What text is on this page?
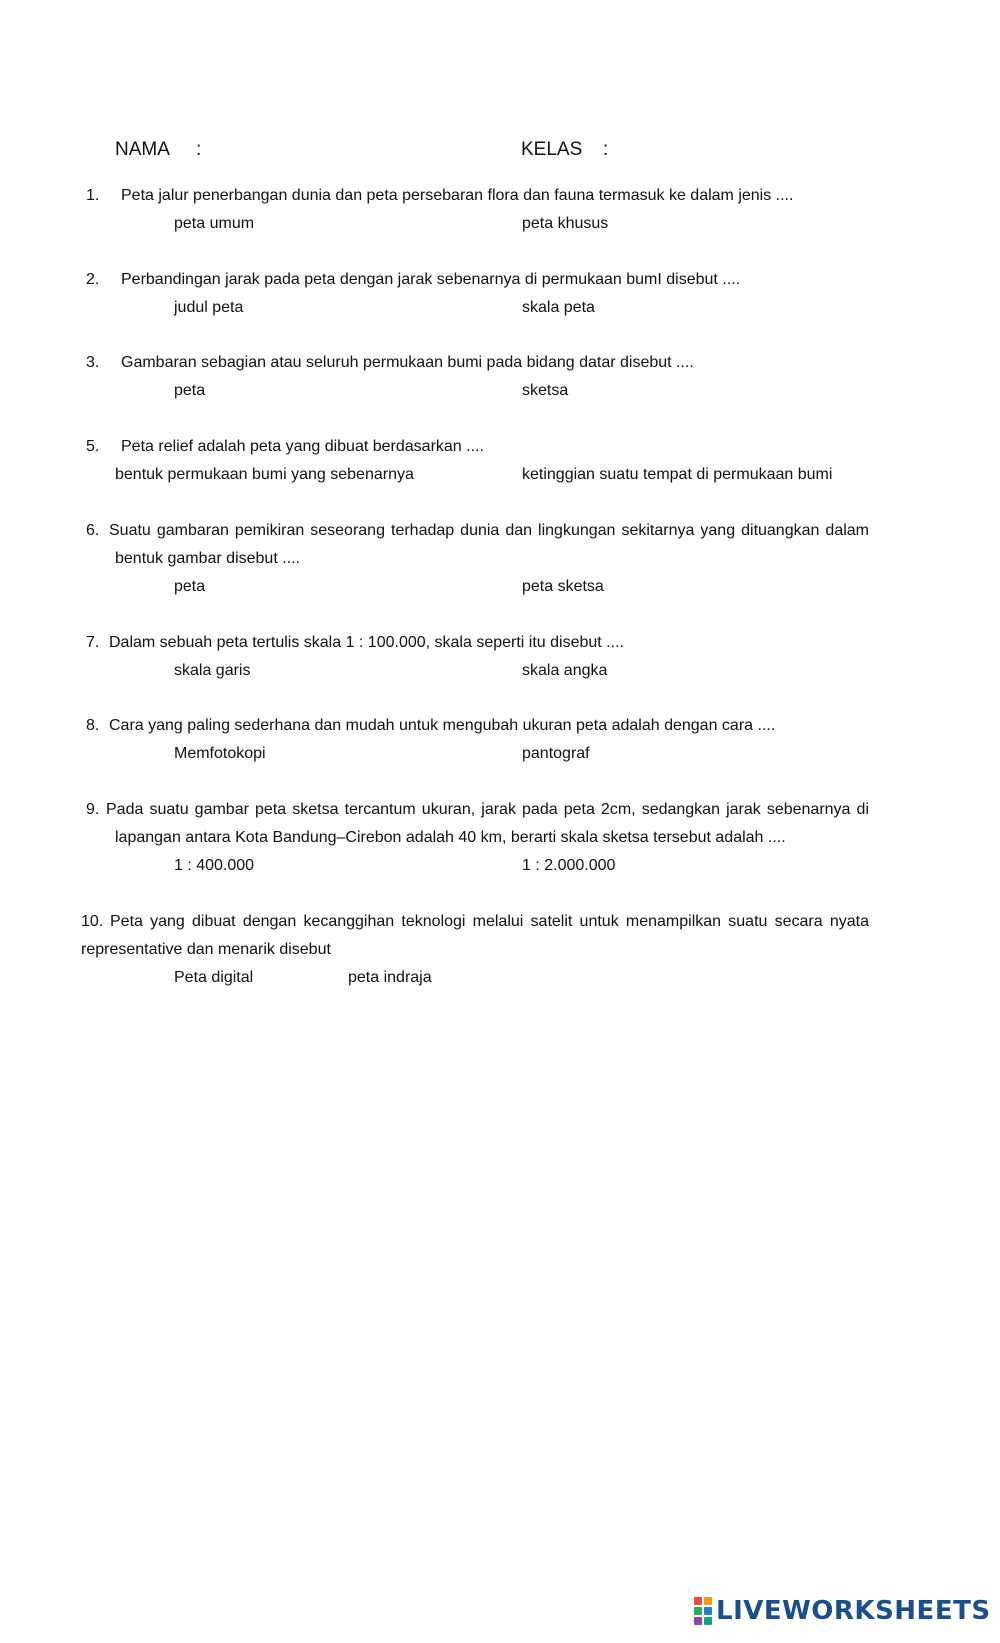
NAMA :	KELAS :
1. Peta jalur penerbangan dunia dan peta persebaran flora dan fauna termasuk ke dalam jenis ....
peta umum	peta khusus
2. Perbandingan jarak pada peta dengan jarak sebenarnya di permukaan bumI disebut ....
judul peta	skala peta
3. Gambaran sebagian atau seluruh permukaan bumi pada bidang datar disebut ....
peta	sketsa
5. Peta relief adalah peta yang dibuat berdasarkan ....
bentuk permukaan bumi yang sebenarnya	ketinggian suatu tempat di permukaan bumi
6. Suatu gambaran pemikiran seseorang terhadap dunia dan lingkungan sekitarnya yang dituangkan dalam
bentuk gambar disebut ....
peta	peta sketsa
7. Dalam sebuah peta tertulis skala 1 : 100.000, skala seperti itu disebut ....
skala garis	skala angka
8. Cara yang paling sederhana dan mudah untuk mengubah ukuran peta adalah dengan cara ....
Memfotokopi	pantograf
9. Pada suatu gambar peta sketsa tercantum ukuran, jarak pada peta 2cm, sedangkan jarak sebenarnya di
lapangan antara Kota Bandung–Cirebon adalah 40 km, berarti skala sketsa tersebut adalah ....
1 : 400.000	1 : 2.000.000
10. Peta yang dibuat dengan kecanggihan teknologi melalui satelit untuk menampilkan suatu secara nyata
representative dan menarik disebut
Peta digital	peta indraja
LIVEWORKSHEETS
